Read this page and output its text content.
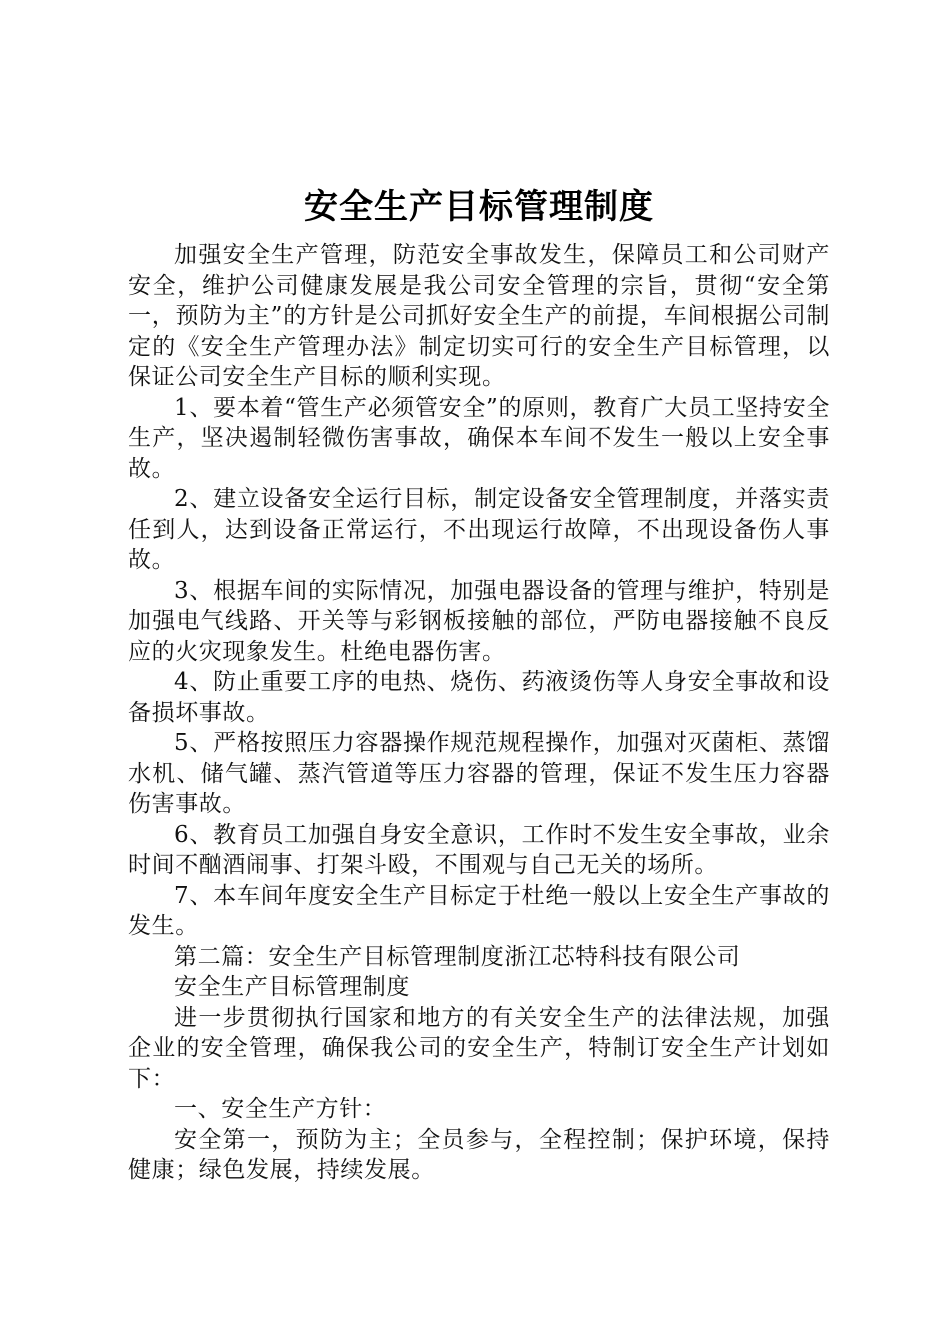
安全生产目标管理制度

加强安全生产管理，防范安全事故发生，保障员工和公司财产安全，维护公司健康发展是我公司安全管理的宗旨，贯彻“安全第一，预防为主”的方针是公司抓好安全生产的前提，车间根据公司制定的《安全生产管理办法》制定切实可行的安全生产目标管理，以保证公司安全生产目标的顺利实现。

1、要本着“管生产必须管安全”的原则，教育广大员工坚持安全生产，坚决遏制轻微伤害事故，确保本车间不发生一般以上安全事故。

2、建立设备安全运行目标，制定设备安全管理制度，并落实责任到人，达到设备正常运行，不出现运行故障，不出现设备伤人事故。

3、根据车间的实际情况，加强电器设备的管理与维护，特别是加强电气线路、开关等与彩钢板接触的部位，严防电器接触不良反应的火灾现象发生。杜绝电器伤害。

4、防止重要工序的电热、烧伤、药液烫伤等人身安全事故和设备损坏事故。

5、严格按照压力容器操作规范规程操作，加强对灭菌柜、蒸馏水机、储气罐、蒸汽管道等压力容器的管理，保证不发生压力容器伤害事故。

6、教育员工加强自身安全意识，工作时不发生安全事故，业余时间不酗酒闹事、打架斗殴，不围观与自己无关的场所。

7、本车间年度安全生产目标定于杜绝一般以上安全生产事故的发生。

第二篇：安全生产目标管理制度浙江芯特科技有限公司

安全生产目标管理制度

进一步贯彻执行国家和地方的有关安全生产的法律法规，加强企业的安全管理，确保我公司的安全生产，特制订安全生产计划如下：

一、安全生产方针：

安全第一，预防为主；全员参与，全程控制；保护环境，保持健康；绿色发展，持续发展。
